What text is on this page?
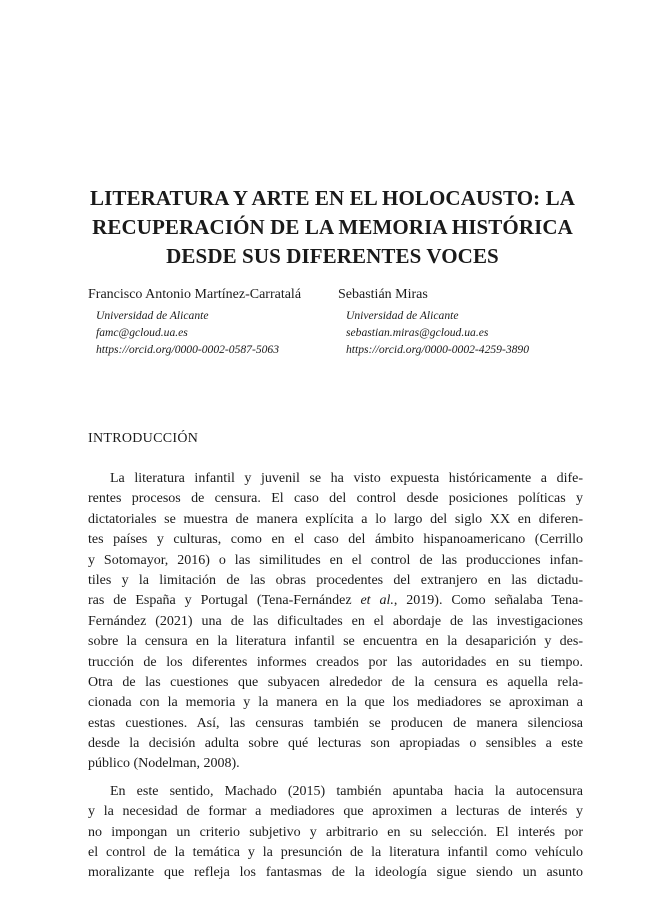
LITERATURA Y ARTE EN EL HOLOCAUSTO: LA
RECUPERACIÓN DE LA MEMORIA HISTÓRICA
DESDE SUS DIFERENTES VOCES

Francisco Antonio Martínez-Carratalá

Universidad de Alicante

famc@gcloud.ua.es

https://orcid.org/0000-0002-0587-5063

Sebastián Miras

Universidad de Alicante

sebastian.miras@gcloud.ua.es

https://orcid.org/0000-0002-4259-3890

INTRODUCCIÓN

La literatura infantil y juvenil se ha visto expuesta históricamente a dife-
rentes procesos de censura. El caso del control desde posiciones políticas y
dictatoriales se muestra de manera explícita a lo largo del siglo XX en diferen-
tes países y culturas, como en el caso del ámbito hispanoamericano (Cerrillo
y Sotomayor, 2016) o las similitudes en el control de las producciones infan-
tiles y la limitación de las obras procedentes del extranjero en las dictadu-
ras de España y Portugal (Tena-Fernández et al., 2019). Como señalaba Tena-
Fernández (2021) una de las dificultades en el abordaje de las investigaciones
sobre la censura en la literatura infantil se encuentra en la desaparición y des-
trucción de los diferentes informes creados por las autoridades en su tiempo.
Otra de las cuestiones que subyacen alrededor de la censura es aquella rela-
cionada con la memoria y la manera en la que los mediadores se aproximan a
estas cuestiones. Así, las censuras también se producen de manera silenciosa
desde la decisión adulta sobre qué lecturas son apropiadas o sensibles a este
público (Nodelman, 2008).

En este sentido, Machado (2015) también apuntaba hacia la autocensura
y la necesidad de formar a mediadores que aproximen a lecturas de interés y
no impongan un criterio subjetivo y arbitrario en su selección. El interés por
el control de la temática y la presunción de la literatura infantil como vehículo
moralizante que refleja los fantasmas de la ideología sigue siendo un asunto
